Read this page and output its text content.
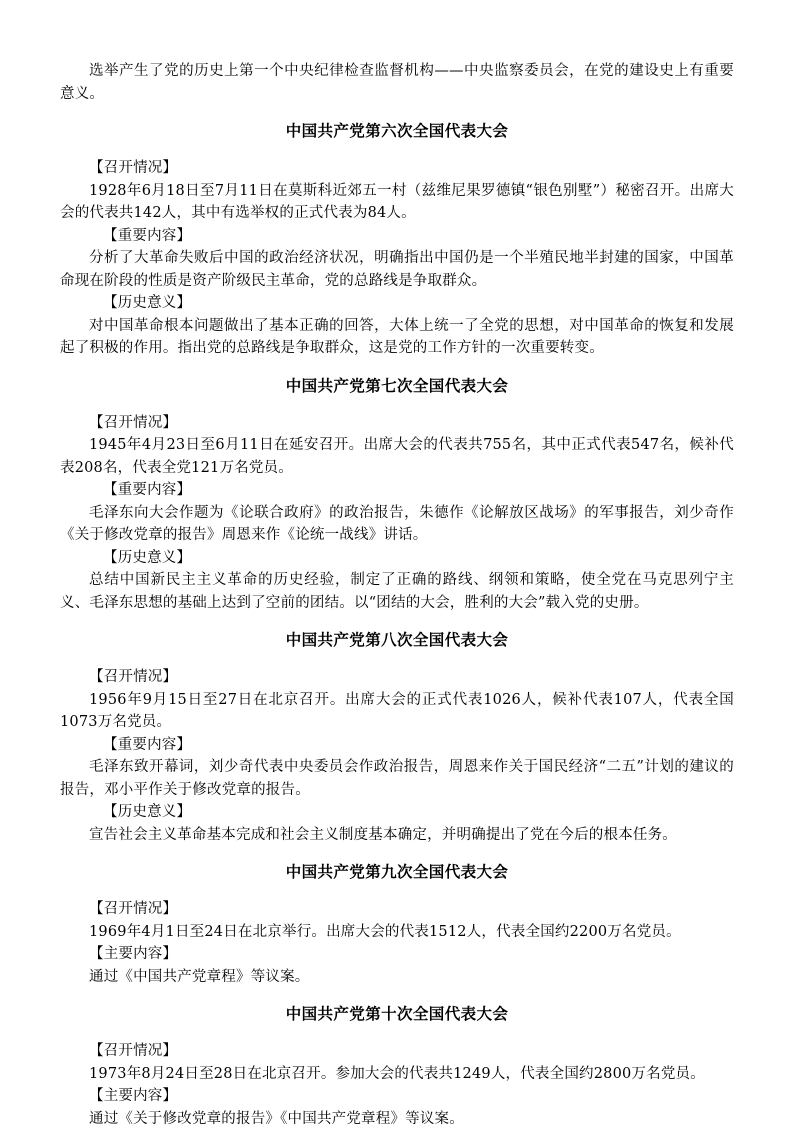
选举产生了党的历史上第一个中央纪律检查监督机构——中央监察委员会，在党的建设史上有重要意义。

中国共产党第六次全国代表大会

【召开情况】

1928年6月18日至7月11日在莫斯科近郊五一村（兹维尼果罗德镇“银色别墅”）秘密召开。出席大会的代表共142人，其中有选举权的正式代表为84人。

【重要内容】

分析了大革命失败后中国的政治经济状况，明确指出中国仍是一个半殖民地半封建的国家，中国革命现在阶段的性质是资产阶级民主革命，党的总路线是争取群众。

【历史意义】

对中国革命根本问题做出了基本正确的回答，大体上统一了全党的思想，对中国革命的恢复和发展起了积极的作用。指出党的总路线是争取群众，这是党的工作方针的一次重要转变。

中国共产党第七次全国代表大会

【召开情况】

1945年4月23日至6月11日在延安召开。出席大会的代表共755名，其中正式代表547名，候补代表208名，代表全党121万名党员。

【重要内容】

毛泽东向大会作题为《论联合政府》的政治报告，朱德作《论解放区战场》的军事报告，刘少奇作《关于修改党章的报告》周恩来作《论统一战线》讲话。

【历史意义】

总结中国新民主主义革命的历史经验，制定了正确的路线、纲领和策略，使全党在马克思列宁主义、毛泽东思想的基础上达到了空前的团结。以“团结的大会，胜利的大会”载入党的史册。

中国共产党第八次全国代表大会

【召开情况】

1956年9月15日至27日在北京召开。出席大会的正式代表1026人，候补代表107人，代表全国1073万名党员。

【重要内容】

毛泽东致开幕词，刘少奇代表中央委员会作政治报告，周恩来作关于国民经济“二五”计划的建议的报告，邓小平作关于修改党章的报告。

【历史意义】

宣告社会主义革命基本完成和社会主义制度基本确定，并明确提出了党在今后的根本任务。

中国共产党第九次全国代表大会

【召开情况】

1969年4月1日至24日在北京举行。出席大会的代表1512人，代表全国约2200万名党员。

【主要内容】

通过《中国共产党章程》等议案。

中国共产党第十次全国代表大会

【召开情况】

1973年8月24日至28日在北京召开。参加大会的代表共1249人，代表全国约2800万名党员。

【主要内容】

通过《关于修改党章的报告》《中国共产党章程》等议案。
